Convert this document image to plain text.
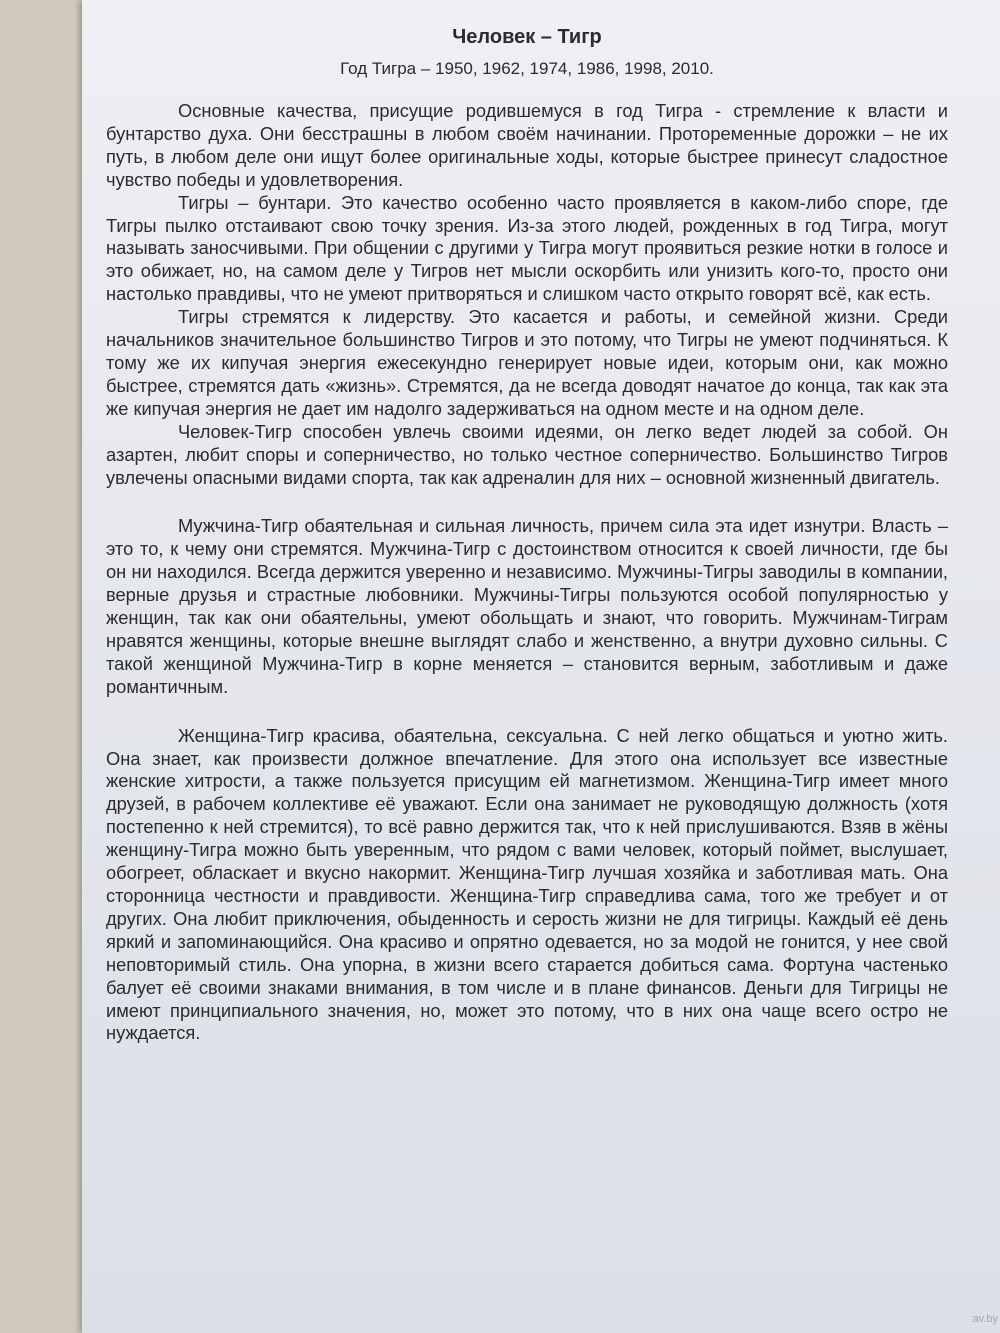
Человек – Тигр
Год Тигра – 1950, 1962, 1974, 1986, 1998, 2010.

Основные качества, присущие родившемуся в год Тигра - стремление к власти и бунтарство духа. Они бесстрашны в любом своём начинании. Протоременные дорожки – не их путь, в любом деле они ищут более оригинальные ходы, которые быстрее принесут сладостное чувство победы и удовлетворения.

Тигры – бунтари. Это качество особенно часто проявляется в каком-либо споре, где Тигры пылко отстаивают свою точку зрения. Из-за этого людей, рожденных в год Тигра, могут называть заносчивыми. При общении с другими у Тигра могут проявиться резкие нотки в голосе и это обижает, но, на самом деле у Тигров нет мысли оскорбить или унизить кого-то, просто они настолько правдивы, что не умеют притворяться и слишком часто открыто говорят всё, как есть.

Тигры стремятся к лидерству. Это касается и работы, и семейной жизни. Среди начальников значительное большинство Тигров и это потому, что Тигры не умеют подчиняться. К тому же их кипучая энергия ежесекундно генерирует новые идеи, которым они, как можно быстрее, стремятся дать «жизнь». Стремятся, да не всегда доводят начатое до конца, так как эта же кипучая энергия не дает им надолго задерживаться на одном месте и на одном деле.

Человек-Тигр способен увлечь своими идеями, он легко ведет людей за собой. Он азартен, любит споры и соперничество, но только честное соперничество. Большинство Тигров увлечены опасными видами спорта, так как адреналин для них – основной жизненный двигатель.

Мужчина-Тигр обаятельная и сильная личность, причем сила эта идет изнутри. Власть – это то, к чему они стремятся. Мужчина-Тигр с достоинством относится к своей личности, где бы он ни находился. Всегда держится уверенно и независимо. Мужчины-Тигры заводилы в компании, верные друзья и страстные любовники. Мужчины-Тигры пользуются особой популярностью у женщин, так как они обаятельны, умеют обольщать и знают, что говорить. Мужчинам-Тиграм нравятся женщины, которые внешне выглядят слабо и женственно, а внутри духовно сильны. С такой женщиной Мужчина-Тигр в корне меняется – становится верным, заботливым и даже романтичным.

Женщина-Тигр красива, обаятельна, сексуальна. С ней легко общаться и уютно жить. Она знает, как произвести должное впечатление. Для этого она использует все известные женские хитрости, а также пользуется присущим ей магнетизмом. Женщина-Тигр имеет много друзей, в рабочем коллективе её уважают. Если она занимает не руководящую должность (хотя постепенно к ней стремится), то всё равно держится так, что к ней прислушиваются. Взяв в жёны женщину-Тигра можно быть уверенным, что рядом с вами человек, который поймет, выслушает, обогреет, обласкает и вкусно накормит. Женщина-Тигр лучшая хозяйка и заботливая мать. Она сторонница честности и правдивости. Женщина-Тигр справедлива сама, того же требует и от других. Она любит приключения, обыденность и серость жизни не для тигрицы. Каждый её день яркий и запоминающийся. Она красиво и опрятно одевается, но за модой не гонится, у нее свой неповторимый стиль. Она упорна, в жизни всего старается добиться сама. Фортуна частенько балует её своими знаками внимания, в том числе и в плане финансов. Деньги для Тигрицы не имеют принципиального значения, но, может это потому, что в них она чаще всего остро не нуждается.

av.by
